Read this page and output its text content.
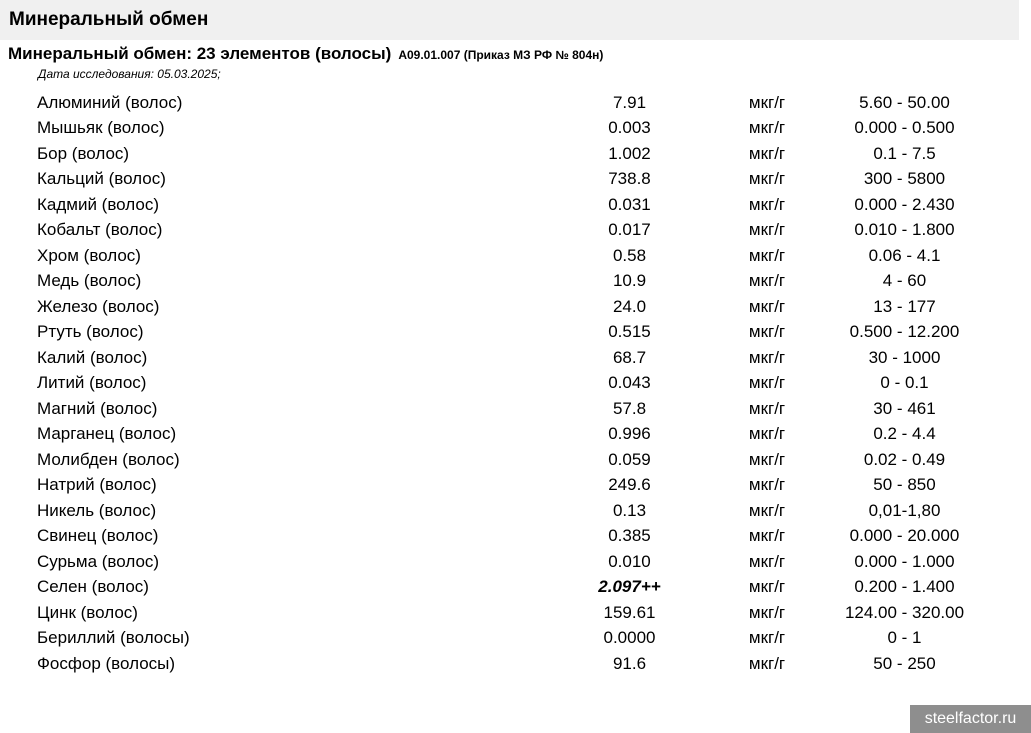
Минеральный обмен
Минеральный обмен: 23 элементов (волосы) A09.01.007 (Приказ МЗ РФ № 804н)
Дата исследования: 05.03.2025;
Алюминий (волос)	7.91	мкг/г	5.60 - 50.00
Мышьяк (волос)	0.003	мкг/г	0.000 - 0.500
Бор (волос)	1.002	мкг/г	0.1 - 7.5
Кальций (волос)	738.8	мкг/г	300 - 5800
Кадмий (волос)	0.031	мкг/г	0.000 - 2.430
Кобальт (волос)	0.017	мкг/г	0.010 - 1.800
Хром (волос)	0.58	мкг/г	0.06 - 4.1
Медь (волос)	10.9	мкг/г	4 - 60
Железо (волос)	24.0	мкг/г	13 - 177
Ртуть (волос)	0.515	мкг/г	0.500 - 12.200
Калий (волос)	68.7	мкг/г	30 - 1000
Литий (волос)	0.043	мкг/г	0 - 0.1
Магний (волос)	57.8	мкг/г	30 - 461
Марганец (волос)	0.996	мкг/г	0.2 - 4.4
Молибден (волос)	0.059	мкг/г	0.02 - 0.49
Натрий (волос)	249.6	мкг/г	50 - 850
Никель (волос)	0.13	мкг/г	0,01-1,80
Свинец (волос)	0.385	мкг/г	0.000 - 20.000
Сурьма (волос)	0.010	мкг/г	0.000 - 1.000
Селен (волос)	2.097++	мкг/г	0.200 - 1.400
Цинк (волос)	159.61	мкг/г	124.00 - 320.00
Бериллий (волосы)	0.0000	мкг/г	0 - 1
Фосфор (волосы)	91.6	мкг/г	50 - 250
steelfactor.ru
